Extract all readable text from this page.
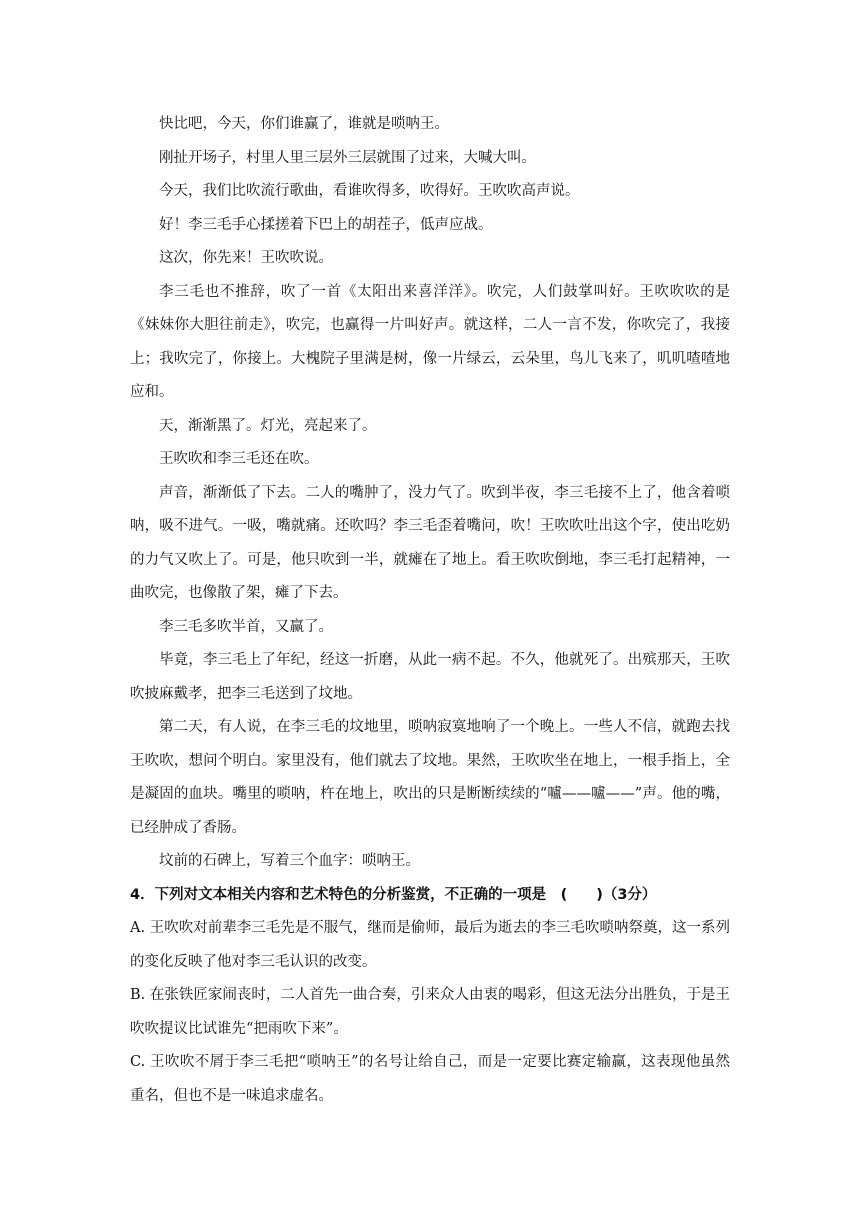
快比吧，今天，你们谁赢了，谁就是唢呐王。

刚扯开场子，村里人里三层外三层就围了过来，大喊大叫。

今天，我们比吹流行歌曲，看谁吹得多，吹得好。王吹吹高声说。

好！李三毛手心揉搓着下巴上的胡茬子，低声应战。

这次，你先来！王吹吹说。

李三毛也不推辞，吹了一首《太阳出来喜洋洋》。吹完，人们鼓掌叫好。王吹吹吹的是《妹妹你大胆往前走》，吹完，也赢得一片叫好声。就这样，二人一言不发，你吹完了，我接上；我吹完了，你接上。大槐院子里满是树，像一片绿云，云朵里，鸟儿飞来了，叽叽喳喳地应和。

天，渐渐黑了。灯光，亮起来了。

王吹吹和李三毛还在吹。

声音，渐渐低了下去。二人的嘴肿了，没力气了。吹到半夜，李三毛接不上了，他含着唢呐，吸不进气。一吸，嘴就痛。还吹吗？李三毛歪着嘴问，吹！王吹吹吐出这个字，使出吃奶的力气又吹上了。可是，他只吹到一半，就瘫在了地上。看王吹吹倒地，李三毛打起精神，一曲吹完，也像散了架，瘫了下去。

李三毛多吹半首，又赢了。

毕竟，李三毛上了年纪，经这一折磨，从此一病不起。不久，他就死了。出殡那天，王吹吹披麻戴孝，把李三毛送到了坟地。

第二天，有人说，在李三毛的坟地里，唢呐寂寞地响了一个晚上。一些人不信，就跑去找王吹吹，想问个明白。家里没有，他们就去了坟地。果然，王吹吹坐在地上，一根手指上，全是凝固的血块。嘴里的唢呐，杵在地上，吹出的只是断断续续的“嚧——嚧——”声。他的嘴，已经肿成了香肠。

坟前的石碑上，写着三个血字：唢呐王。

4．下列对文本相关内容和艺术特色的分析鉴赏，不正确的一项是　(　　)（3分）

A. 王吹吹对前辈李三毛先是不服气，继而是偷师，最后为逝去的李三毛吹唢呐祭奠，这一系列的变化反映了他对李三毛认识的改变。

B. 在张铁匠家闹丧时，二人首先一曲合奏，引来众人由衷的喝彩，但这无法分出胜负，于是王吹吹提议比试谁先“把雨吹下来”。

C. 王吹吹不屑于李三毛把“唢呐王”的名号让给自己，而是一定要比赛定输赢，这表现他虽然重名，但也不是一味追求虚名。
